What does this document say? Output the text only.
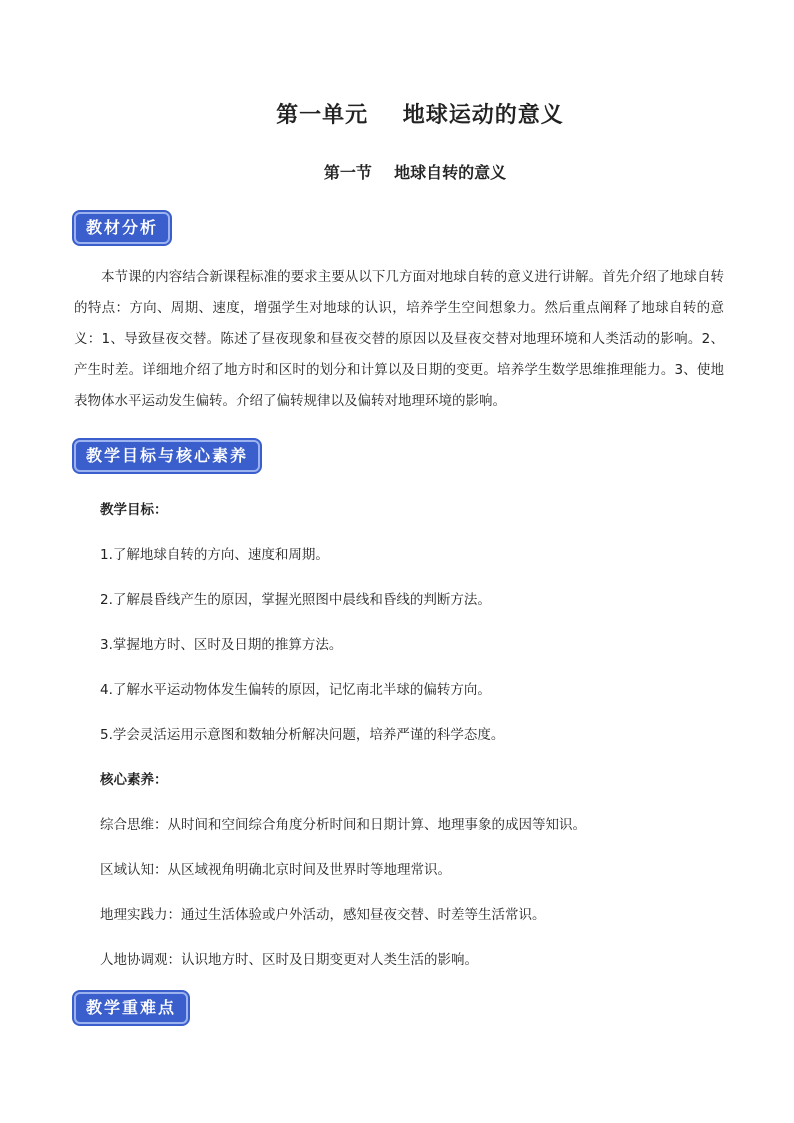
第一单元    地球运动的意义
第一节    地球自转的意义
教材分析

本节课的内容结合新课程标准的要求主要从以下几方面对地球自转的意义进行讲解。首先介绍了地球自转的特点：方向、周期、速度，增强学生对地球的认识，培养学生空间想象力。然后重点阐释了地球自转的意义：1、导致昼夜交替。陈述了昼夜现象和昼夜交替的原因以及昼夜交替对地理环境和人类活动的影响。2、产生时差。详细地介绍了地方时和区时的划分和计算以及日期的变更。培养学生数学思维推理能力。3、使地表物体水平运动发生偏转。介绍了偏转规律以及偏转对地理环境的影响。

教学目标与核心素养
教学目标：
1.了解地球自转的方向、速度和周期。
2.了解晨昏线产生的原因，掌握光照图中晨线和昏线的判断方法。
3.掌握地方时、区时及日期的推算方法。
4.了解水平运动物体发生偏转的原因，记忆南北半球的偏转方向。
5.学会灵活运用示意图和数轴分析解决问题，培养严谨的科学态度。
核心素养：
综合思维：从时间和空间综合角度分析时间和日期计算、地理事象的成因等知识。
区域认知：从区域视角明确北京时间及世界时等地理常识。
地理实践力：通过生活体验或户外活动，感知昼夜交替、时差等生活常识。
人地协调观：认识地方时、区时及日期变更对人类生活的影响。
教学重难点
